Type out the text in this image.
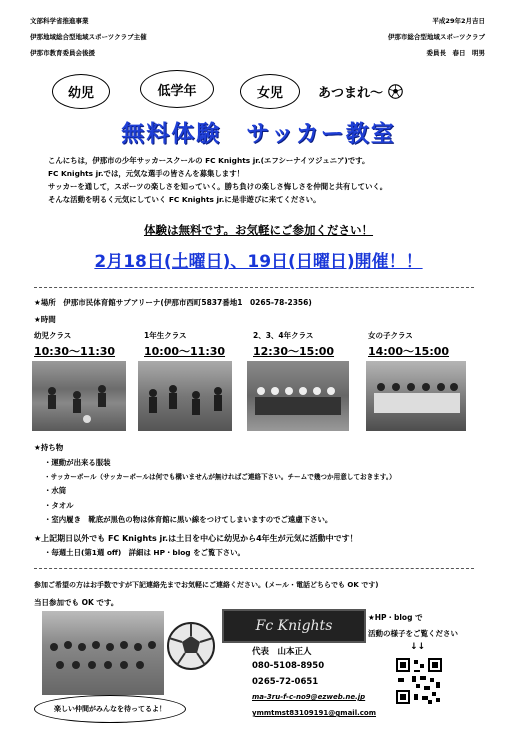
文部科学省推進事業
伊那地域総合型地域スポーツクラブ主催
伊那市教育委員会後援
平成29年2月吉日
伊那市総合型地域スポーツクラブ
委員長　春日　明男
幼児	低学年	女児	あつまれ～
無料体験　サッカー教室
こんにちは，伊那市の少年サッカースクールの FC Knights jr.(エフシーナイツジュニア)です。
FC Knights jr.では，元気な選手の皆さんを募集します！
サッカーを通して，スポーツの楽しさを知っていく。勝ち負けの楽しさ悔しさを仲間と共有していく。
そんな活動を明るく元気にしていく FC Knights jr.に是非遊びに来てください。
体験は無料です。お気軽にご参加ください！
2月18日(土曜日)、19日(日曜日)開催！！
★場所　伊那市民体育館サブアリーナ(伊那市西町5837番地1　0265-78-2356)
★時間
幼児クラス
10:30～11:30
1年生クラス
10:00～11:30
2、3、4年クラス
12:30～15:00
女の子クラス
14:00～15:00
★持ち物
・運動が出来る服装
・サッカーボール（サッカーボールは何でも構いませんが無ければご連絡下さい。チームで幾つか用意しておきます。）
・水筒
・タオル
・室内履き　靴底が黒色の物は体育館に黒い線をつけてしまいますのでご遠慮下さい。
★上記期日以外でも FC Knights jr.は土日を中心に幼児から4年生が元気に活動中です！
・毎週土日(第1週 off)　詳細は HP・blog をご覧下さい。
参加ご希望の方はお手数ですが下記連絡先までお気軽にご連絡ください。(メール・電話どちらでも OK です)
当日参加でも OK です。
楽しい仲間がみんなを待ってるよ！
Fc Knights
代表　山本正人
080-5108-8950
0265-72-0651
ma-3ru-f-c-no9@ezweb.ne.jp
ymmtmst83109191@gmail.com
★HP・blog で
活動の様子をご覧ください
↓↓
